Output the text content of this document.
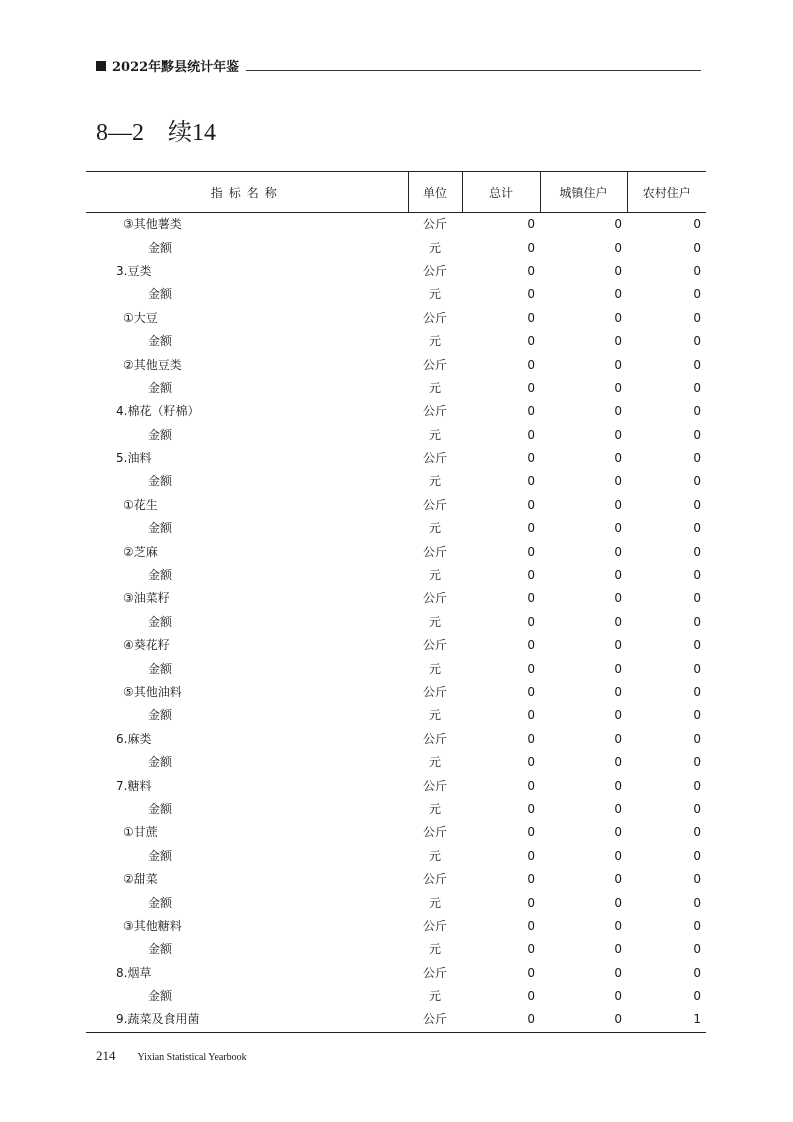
2022年黟县统计年鉴
8—2　续14
指标名称	单位	总计	城镇住户	农村住户
③其他薯类	公斤	0	0	0
金额	元	0	0	0
3.豆类	公斤	0	0	0
金额	元	0	0	0
①大豆	公斤	0	0	0
金额	元	0	0	0
②其他豆类	公斤	0	0	0
金额	元	0	0	0
4.棉花（籽棉）	公斤	0	0	0
金额	元	0	0	0
5.油料	公斤	0	0	0
金额	元	0	0	0
①花生	公斤	0	0	0
金额	元	0	0	0
②芝麻	公斤	0	0	0
金额	元	0	0	0
③油菜籽	公斤	0	0	0
金额	元	0	0	0
④葵花籽	公斤	0	0	0
金额	元	0	0	0
⑤其他油料	公斤	0	0	0
金额	元	0	0	0
6.麻类	公斤	0	0	0
金额	元	0	0	0
7.糖料	公斤	0	0	0
金额	元	0	0	0
①甘蔗	公斤	0	0	0
金额	元	0	0	0
②甜菜	公斤	0	0	0
金额	元	0	0	0
③其他糖料	公斤	0	0	0
金额	元	0	0	0
8.烟草	公斤	0	0	0
金额	元	0	0	0
9.蔬菜及食用菌	公斤	0	0	1
214 Yixian Statistical Yearbook
